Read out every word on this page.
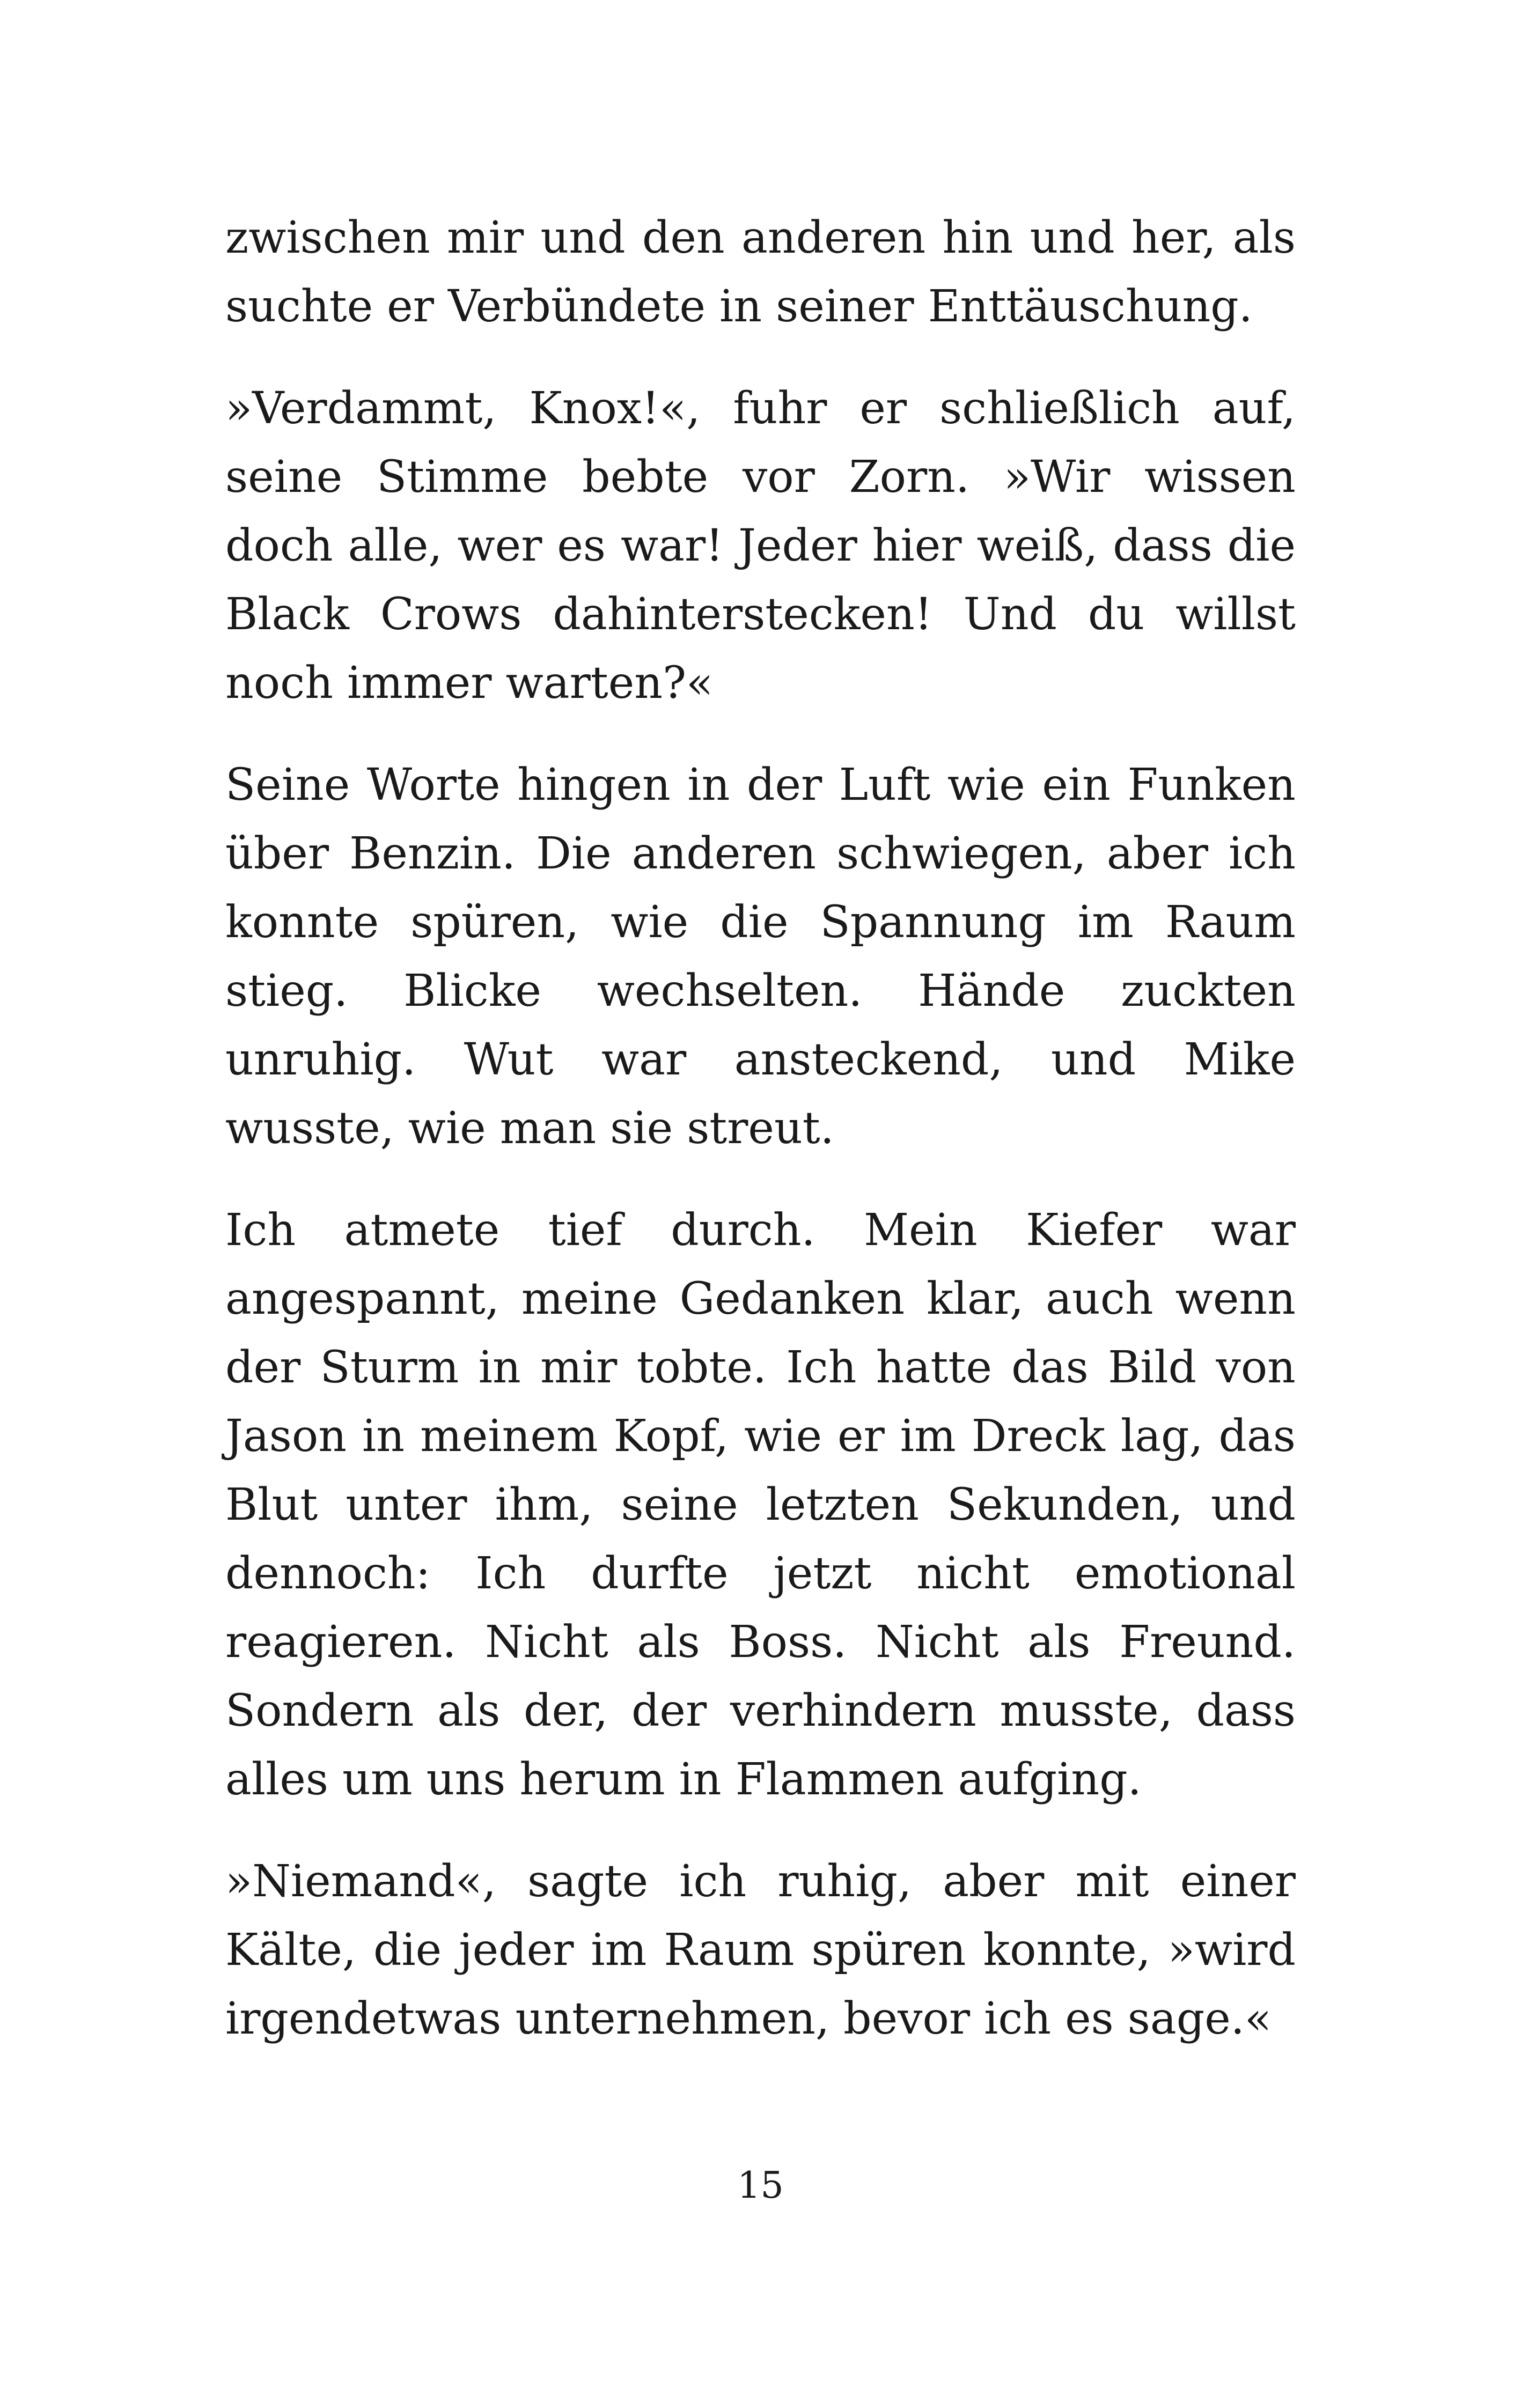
zwischen mir und den anderen hin und her, als suchte er Verbündete in seiner Enttäuschung.

»Verdammt, Knox!«, fuhr er schließlich auf, seine Stimme bebte vor Zorn. »Wir wissen doch alle, wer es war! Jeder hier weiß, dass die Black Crows dahinterstecken! Und du willst noch immer warten?«

Seine Worte hingen in der Luft wie ein Funken über Benzin. Die anderen schwiegen, aber ich konnte spüren, wie die Spannung im Raum stieg. Blicke wechselten. Hände zuckten unruhig. Wut war ansteckend, und Mike wusste, wie man sie streut.

Ich atmete tief durch. Mein Kiefer war angespannt, meine Gedanken klar, auch wenn der Sturm in mir tobte. Ich hatte das Bild von Jason in meinem Kopf, wie er im Dreck lag, das Blut unter ihm, seine letzten Sekunden, und dennoch: Ich durfte jetzt nicht emotional reagieren. Nicht als Boss. Nicht als Freund. Sondern als der, der verhindern musste, dass alles um uns herum in Flammen aufging.

»Niemand«, sagte ich ruhig, aber mit einer Kälte, die jeder im Raum spüren konnte, »wird irgendetwas unternehmen, bevor ich es sage.«

15
